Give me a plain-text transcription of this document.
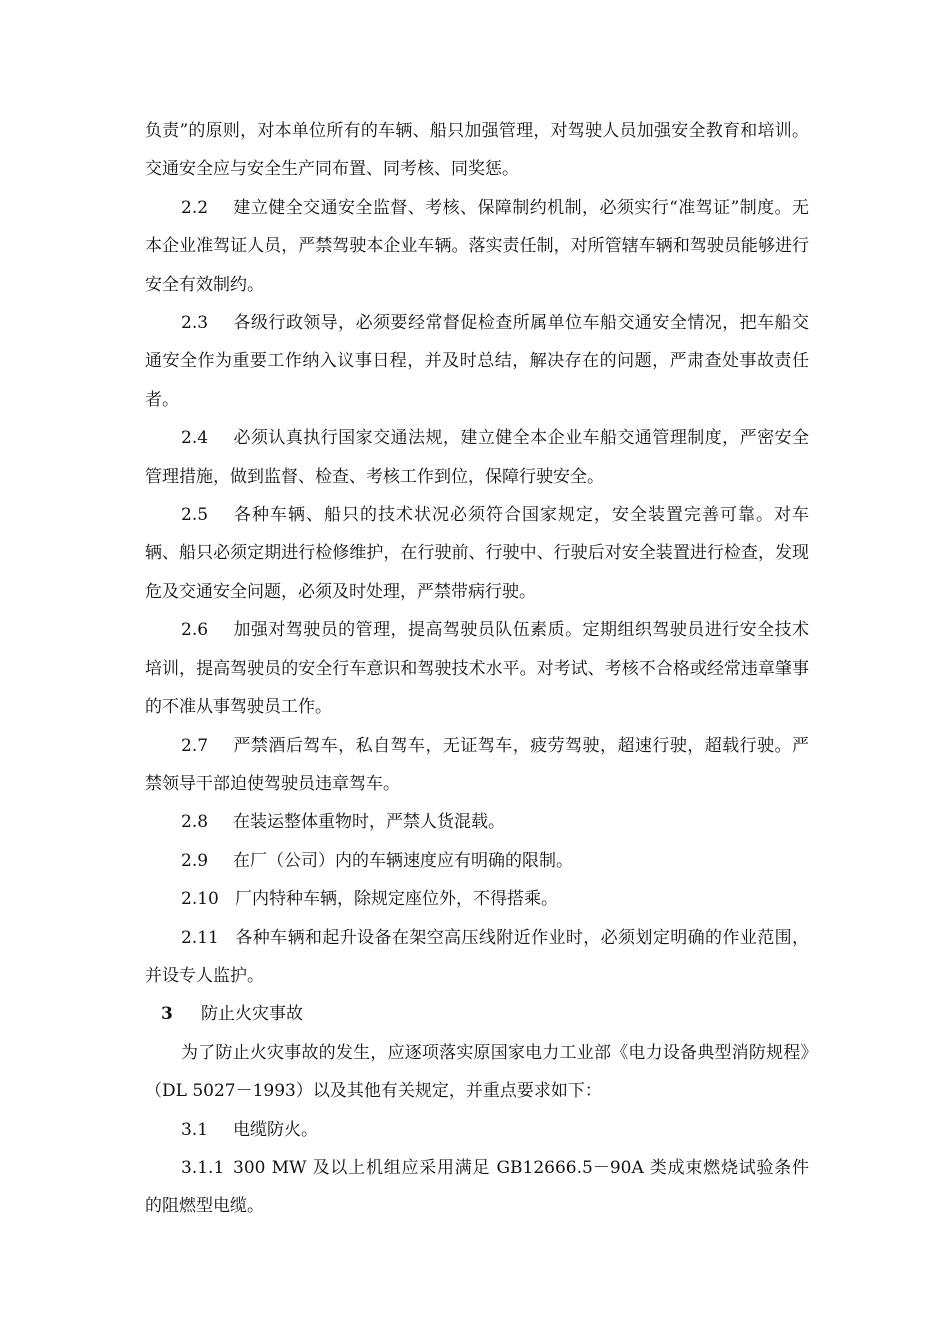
负责”的原则，对本单位所有的车辆、船只加强管理，对驾驶人员加强安全教育和培训。交通安全应与安全生产同布置、同考核、同奖惩。

2.2 建立健全交通安全监督、考核、保障制约机制，必须实行“准驾证”制度。无本企业准驾证人员，严禁驾驶本企业车辆。落实责任制，对所管辖车辆和驾驶员能够进行安全有效制约。

2.3 各级行政领导，必须要经常督促检查所属单位车船交通安全情况，把车船交通安全作为重要工作纳入议事日程，并及时总结，解决存在的问题，严肃查处事故责任者。

2.4 必须认真执行国家交通法规，建立健全本企业车船交通管理制度，严密安全管理措施，做到监督、检查、考核工作到位，保障行驶安全。

2.5 各种车辆、船只的技术状况必须符合国家规定，安全装置完善可靠。对车辆、船只必须定期进行检修维护，在行驶前、行驶中、行驶后对安全装置进行检查，发现危及交通安全问题，必须及时处理，严禁带病行驶。

2.6 加强对驾驶员的管理，提高驾驶员队伍素质。定期组织驾驶员进行安全技术培训，提高驾驶员的安全行车意识和驾驶技术水平。对考试、考核不合格或经常违章肇事的不准从事驾驶员工作。

2.7 严禁酒后驾车，私自驾车，无证驾车，疲劳驾驶，超速行驶，超载行驶。严禁领导干部迫使驾驶员违章驾车。

2.8 在装运整体重物时，严禁人货混载。

2.9 在厂（公司）内的车辆速度应有明确的限制。

2.10 厂内特种车辆，除规定座位外，不得搭乘。

2.11 各种车辆和起升设备在架空高压线附近作业时，必须划定明确的作业范围，并设专人监护。

3 防止火灾事故

为了防止火灾事故的发生，应逐项落实原国家电力工业部《电力设备典型消防规程》（DL 5027－1993）以及其他有关规定，并重点要求如下：

3.1 电缆防火。

3.1.1 300 MW 及以上机组应采用满足 GB12666.5－90A 类成束燃烧试验条件的阻燃型电缆。
